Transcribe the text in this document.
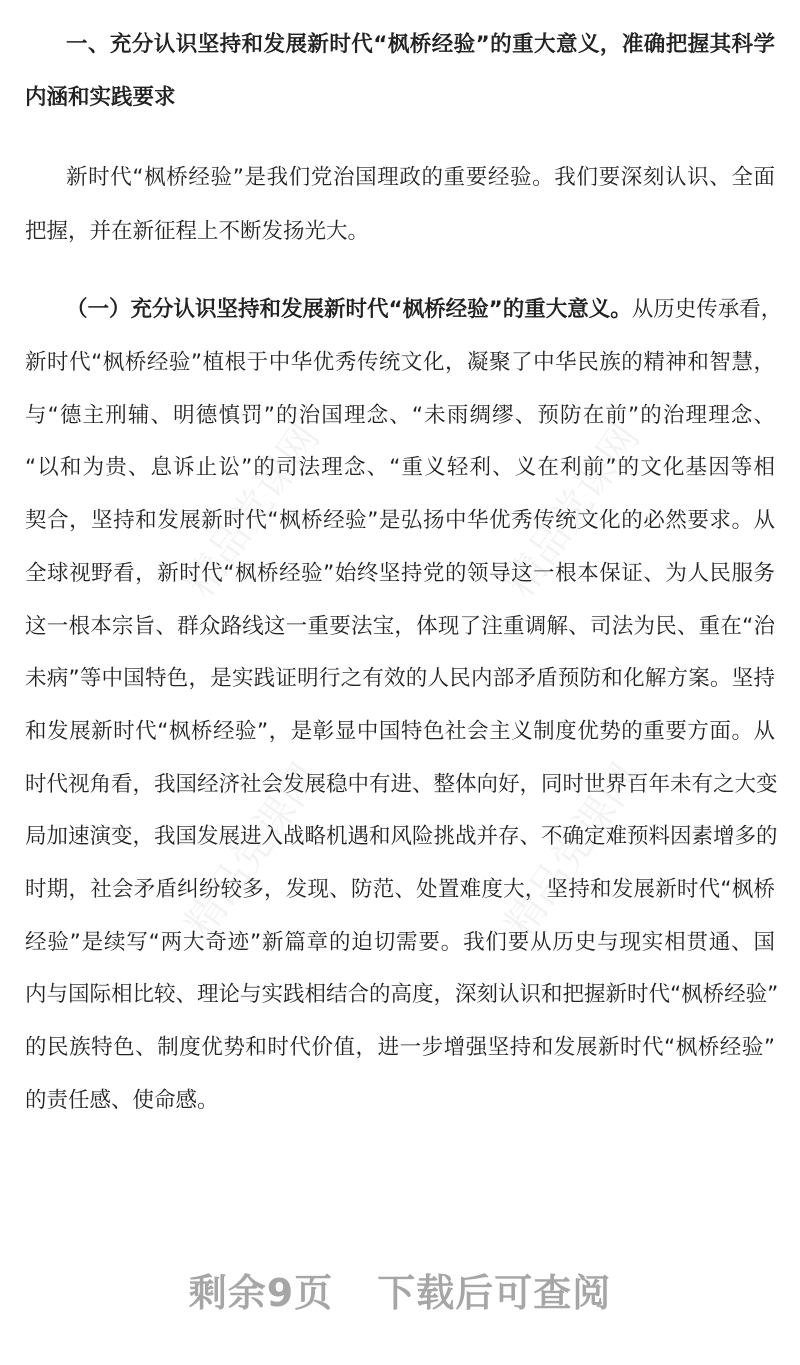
精品党课网	精品党课网
精品党课网	精品党课网
一、充分认识坚持和发展新时代“枫桥经验”的重大意义，准确把握其科学
内涵和实践要求
新时代“枫桥经验”是我们党治国理政的重要经验。我们要深刻认识、全面
把握，并在新征程上不断发扬光大。
（一）充分认识坚持和发展新时代“枫桥经验”的重大意义。从历史传承看，
新时代“枫桥经验”植根于中华优秀传统文化，凝聚了中华民族的精神和智慧，
与“德主刑辅、明德慎罚”的治国理念、“未雨绸缪、预防在前”的治理理念、
“以和为贵、息诉止讼”的司法理念、“重义轻利、义在利前”的文化基因等相
契合，坚持和发展新时代“枫桥经验”是弘扬中华优秀传统文化的必然要求。从
全球视野看，新时代“枫桥经验”始终坚持党的领导这一根本保证、为人民服务
这一根本宗旨、群众路线这一重要法宝，体现了注重调解、司法为民、重在“治
未病”等中国特色，是实践证明行之有效的人民内部矛盾预防和化解方案。坚持
和发展新时代“枫桥经验”，是彰显中国特色社会主义制度优势的重要方面。从
时代视角看，我国经济社会发展稳中有进、整体向好，同时世界百年未有之大变
局加速演变，我国发展进入战略机遇和风险挑战并存、不确定难预料因素增多的
时期，社会矛盾纠纷较多，发现、防范、处置难度大，坚持和发展新时代“枫桥
经验”是续写“两大奇迹”新篇章的迫切需要。我们要从历史与现实相贯通、国
内与国际相比较、理论与实践相结合的高度，深刻认识和把握新时代“枫桥经验”
的民族特色、制度优势和时代价值，进一步增强坚持和发展新时代“枫桥经验”
的责任感、使命感。
剩余9页 下载后可查阅
